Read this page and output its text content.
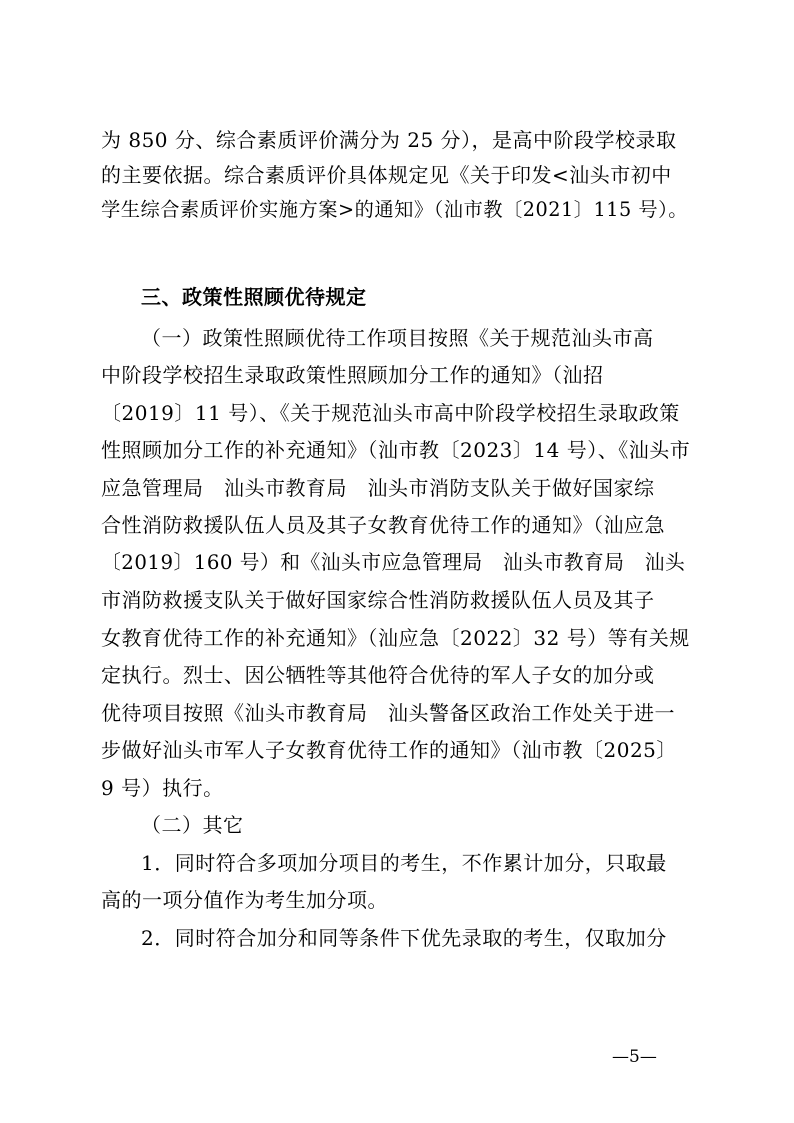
为 850 分、综合素质评价满分为 25 分），是高中阶段学校录取
的主要依据。综合素质评价具体规定见《关于印发<汕头市初中
学生综合素质评价实施方案>的通知》（汕市教〔2021〕115 号）。
三、政策性照顾优待规定
（一）政策性照顾优待工作项目按照《关于规范汕头市高
中阶段学校招生录取政策性照顾加分工作的通知》（汕招
〔2019〕11 号）、《关于规范汕头市高中阶段学校招生录取政策
性照顾加分工作的补充通知》（汕市教〔2023〕14 号）、《汕头市
应急管理局　汕头市教育局　汕头市消防支队关于做好国家综
合性消防救援队伍人员及其子女教育优待工作的通知》（汕应急
〔2019〕160 号）和《汕头市应急管理局　汕头市教育局　汕头
市消防救援支队关于做好国家综合性消防救援队伍人员及其子
女教育优待工作的补充通知》（汕应急〔2022〕32 号）等有关规
定执行。烈士、因公牺牲等其他符合优待的军人子女的加分或
优待项目按照《汕头市教育局　汕头警备区政治工作处关于进一
步做好汕头市军人子女教育优待工作的通知》（汕市教〔2025〕
9 号）执行。
（二）其它
1．同时符合多项加分项目的考生，不作累计加分，只取最
高的一项分值作为考生加分项。
2．同时符合加分和同等条件下优先录取的考生，仅取加分
—5—
